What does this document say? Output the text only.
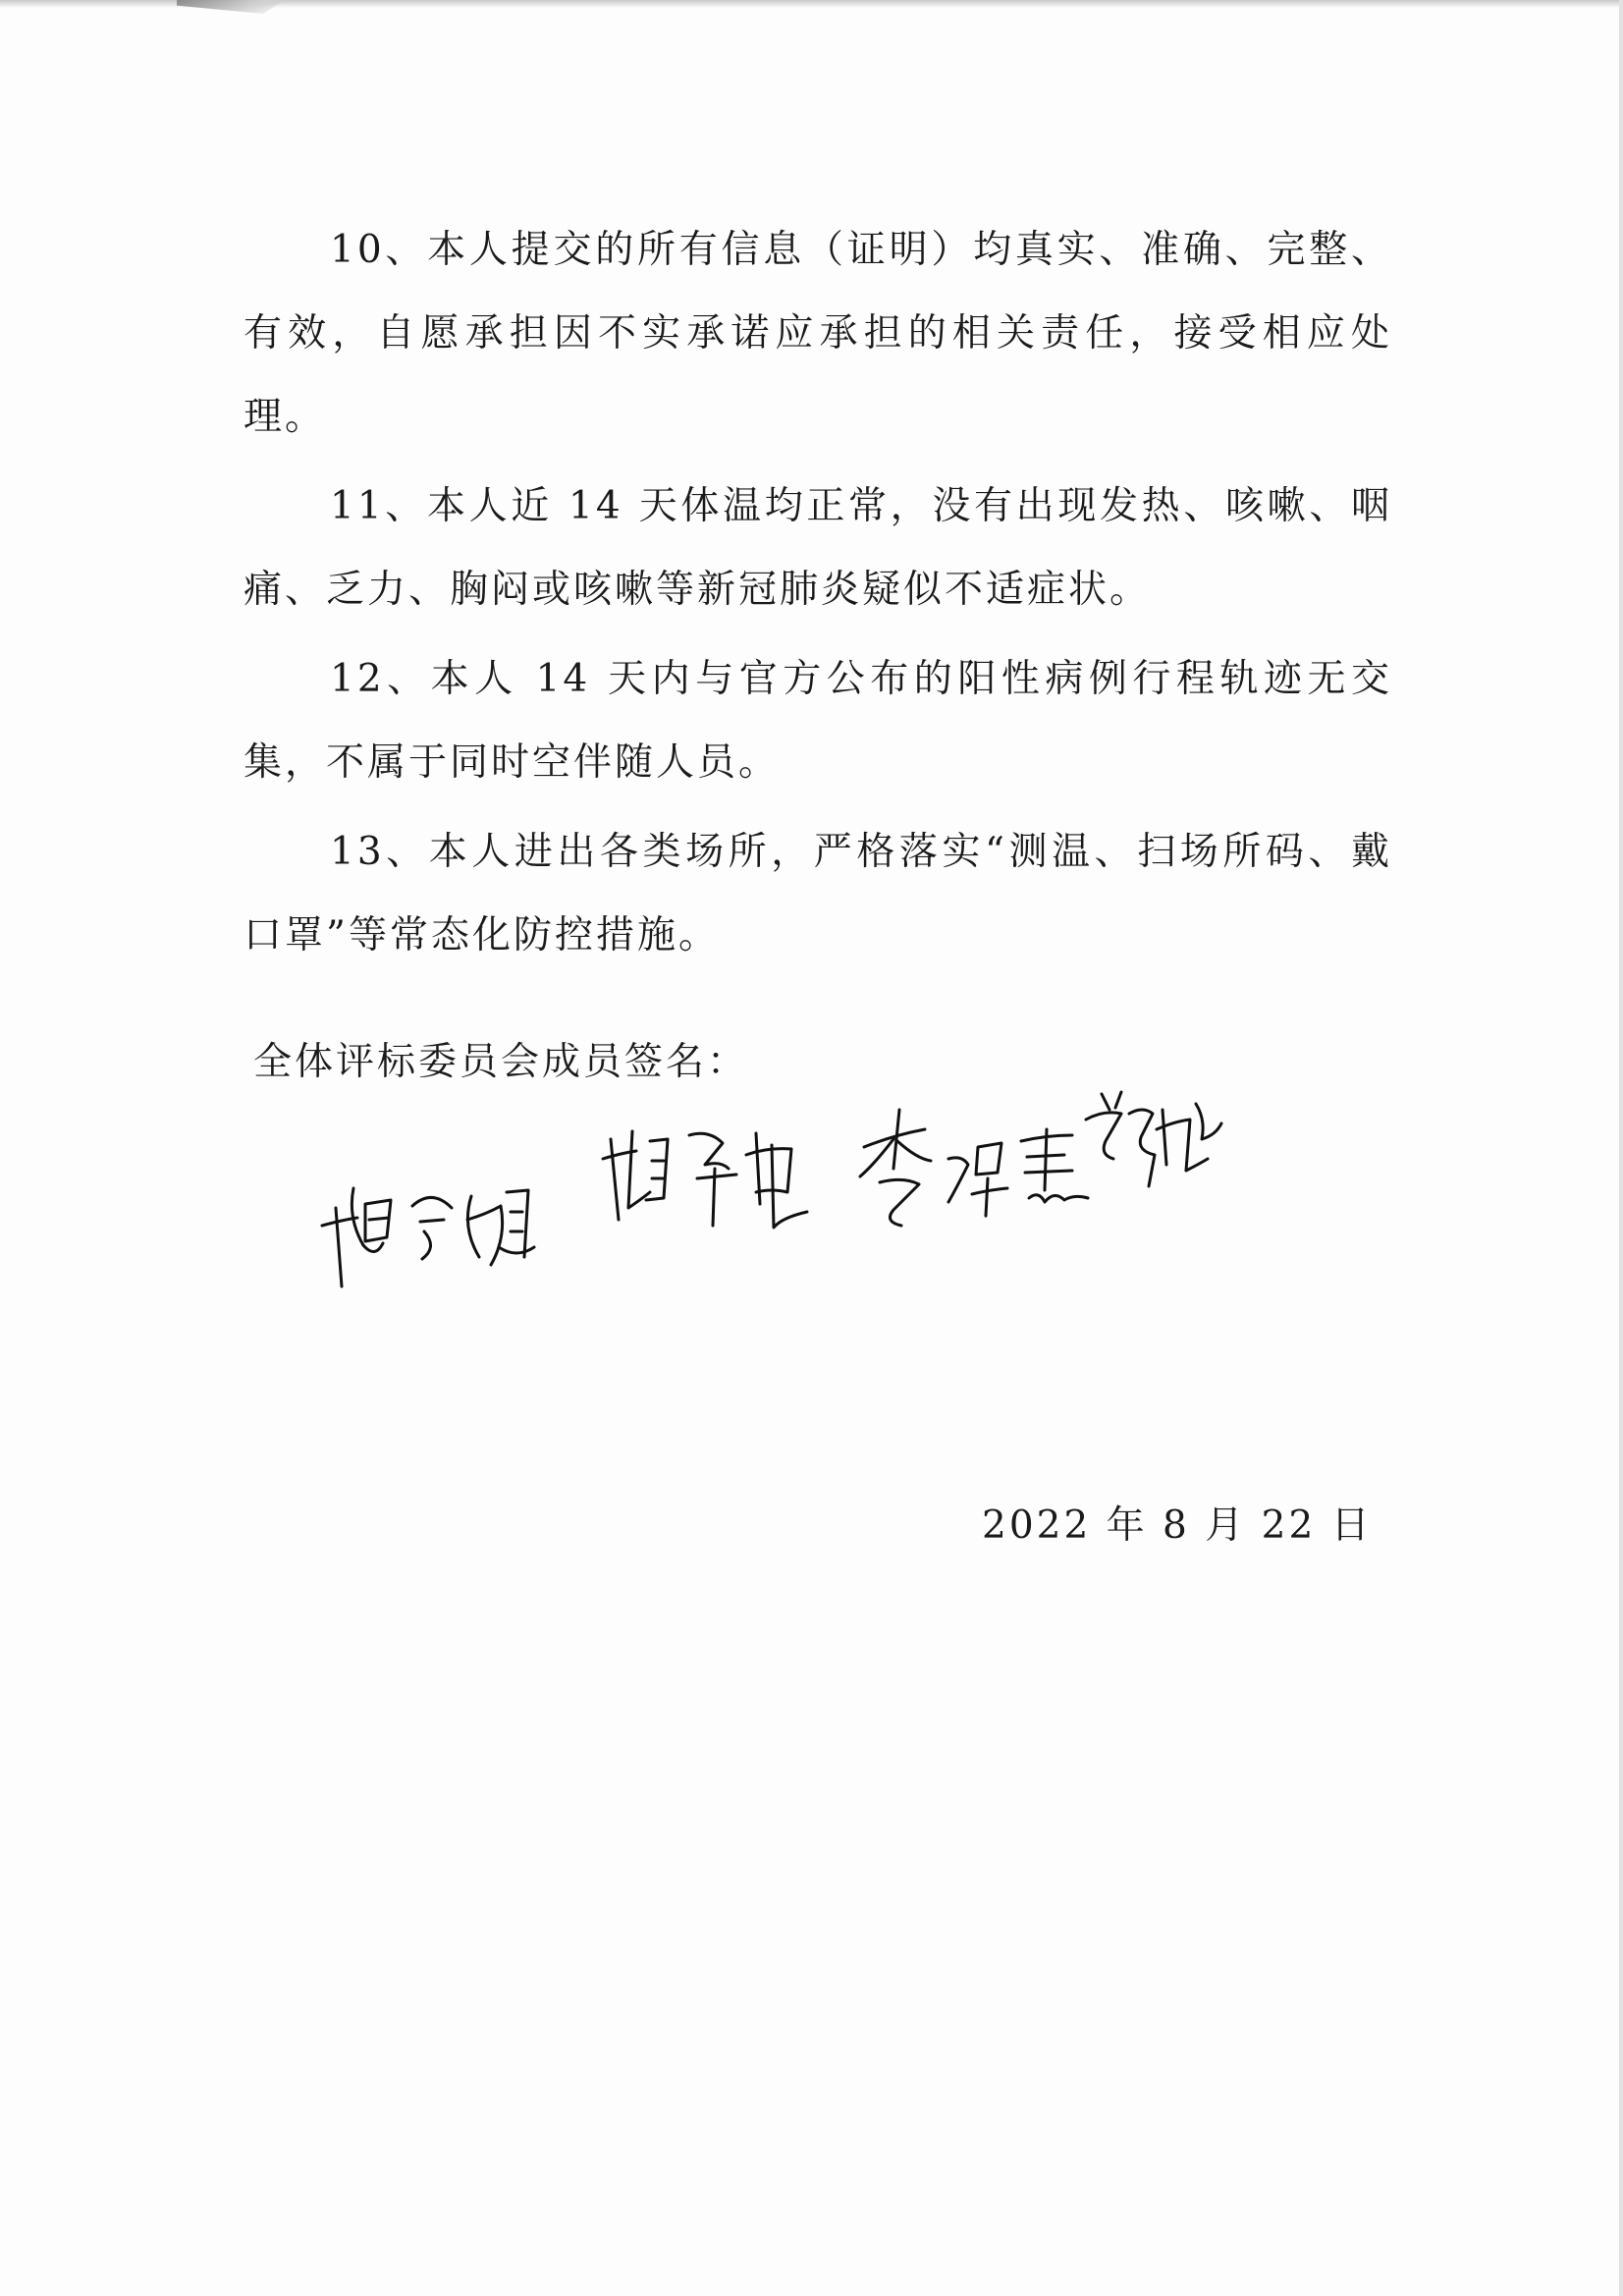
10、本人提交的所有信息（证明）均真实、准确、完整、有效，自愿承担因不实承诺应承担的相关责任，接受相应处理。

11、本人近 14 天体温均正常，没有出现发热、咳嗽、咽痛、乏力、胸闷或咳嗽等新冠肺炎疑似不适症状。

12、本人 14 天内与官方公布的阳性病例行程轨迹无交集，不属于同时空伴随人员。

13、本人进出各类场所，严格落实“测温、扫场所码、戴口罩”等常态化防控措施。

全体评标委员会成员签名：
2022 年 8 月 22 日
